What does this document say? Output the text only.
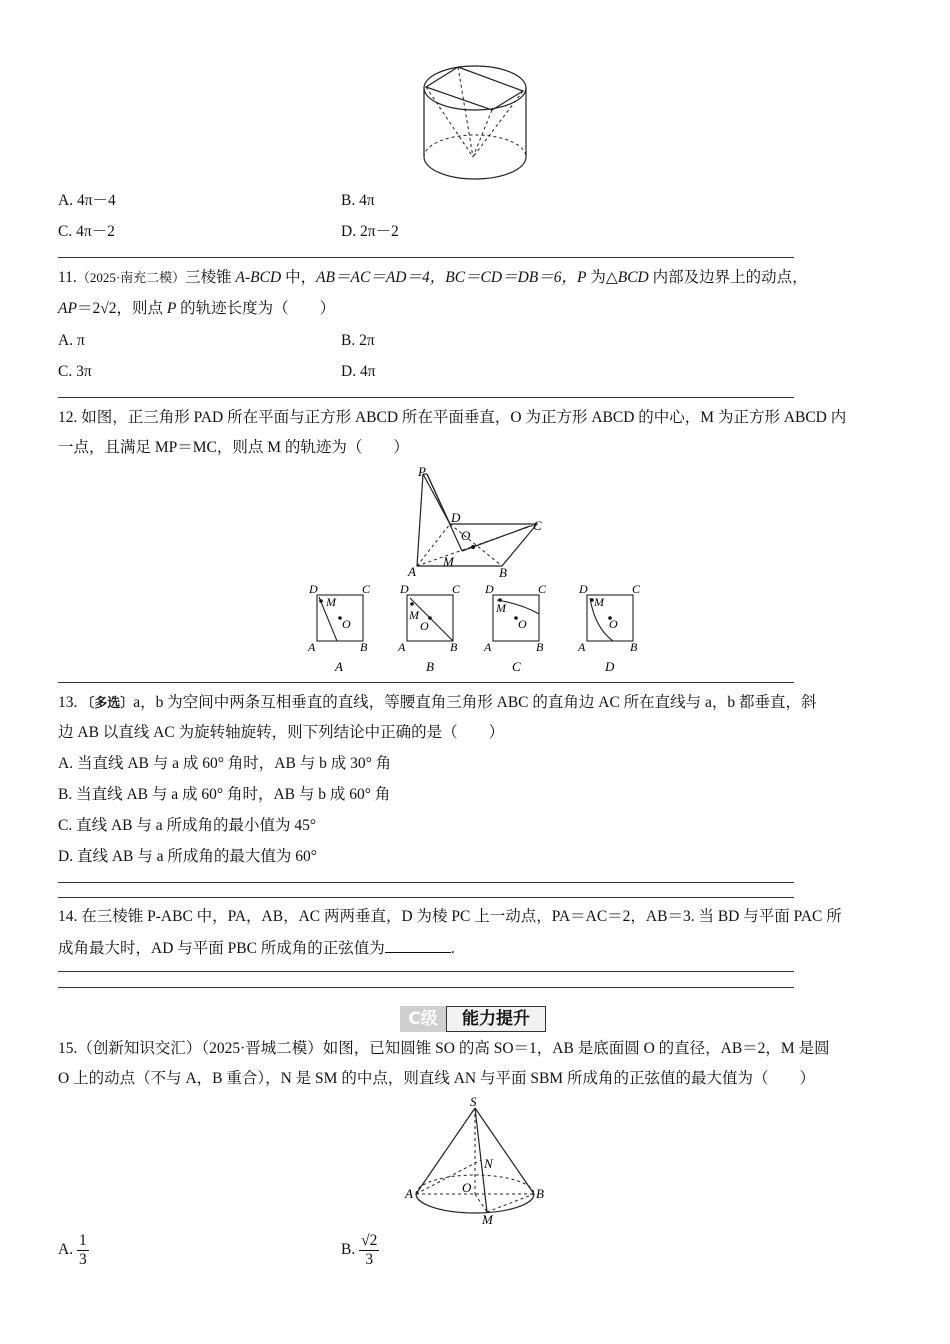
A. 4π－4	B. 4π
C. 4π－2	D. 2π－2
11.（2025·南充二模）三棱锥 A-BCD 中，AB＝AC＝AD＝4，BC＝CD＝DB＝6，P 为△BCD 内部及边界上的动点，
AP＝2√2，则点 P 的轨迹长度为（　　）
A. π	B. 2π
C. 3π	D. 4π
12. 如图，正三角形 PAD 所在平面与正方形 ABCD 所在平面垂直，O 为正方形 ABCD 的中心，M 为正方形 ABCD 内
一点，且满足 MP＝MC，则点 M 的轨迹为（　　）
P
D
C
O
M
A	B
D	C
M
O
A	B
A
D	C
M
O
A	B
B
D	C
M
O
A	B
C
D	C
M
O
A	B
D
13. 〔多选〕a，b 为空间中两条互相垂直的直线，等腰直角三角形 ABC 的直角边 AC 所在直线与 a，b 都垂直，斜
边 AB 以直线 AC 为旋转轴旋转，则下列结论中正确的是（　　）
A. 当直线 AB 与 a 成 60° 角时，AB 与 b 成 30° 角
B. 当直线 AB 与 a 成 60° 角时，AB 与 b 成 60° 角
C. 直线 AB 与 a 所成角的最小值为 45°
D. 直线 AB 与 a 所成角的最大值为 60°
14. 在三棱锥 P-ABC 中，PA，AB，AC 两两垂直，D 为棱 PC 上一动点，PA＝AC＝2，AB＝3. 当 BD 与平面 PAC 所
成角最大时，AD 与平面 PBC 所成角的正弦值为	.
C级	能力提升
15.（创新知识交汇）（2025·晋城二模）如图，已知圆锥 SO 的高 SO＝1，AB 是底面圆 O 的直径，AB＝2，M 是圆
O 上的动点（不与 A，B 重合），N 是 SM 的中点，则直线 AN 与平面 SBM 所成角的正弦值的最大值为（　　）
S
N
O
A	B
M
A. $\frac{1}{3}$	B. $\frac{√2}{3}$
